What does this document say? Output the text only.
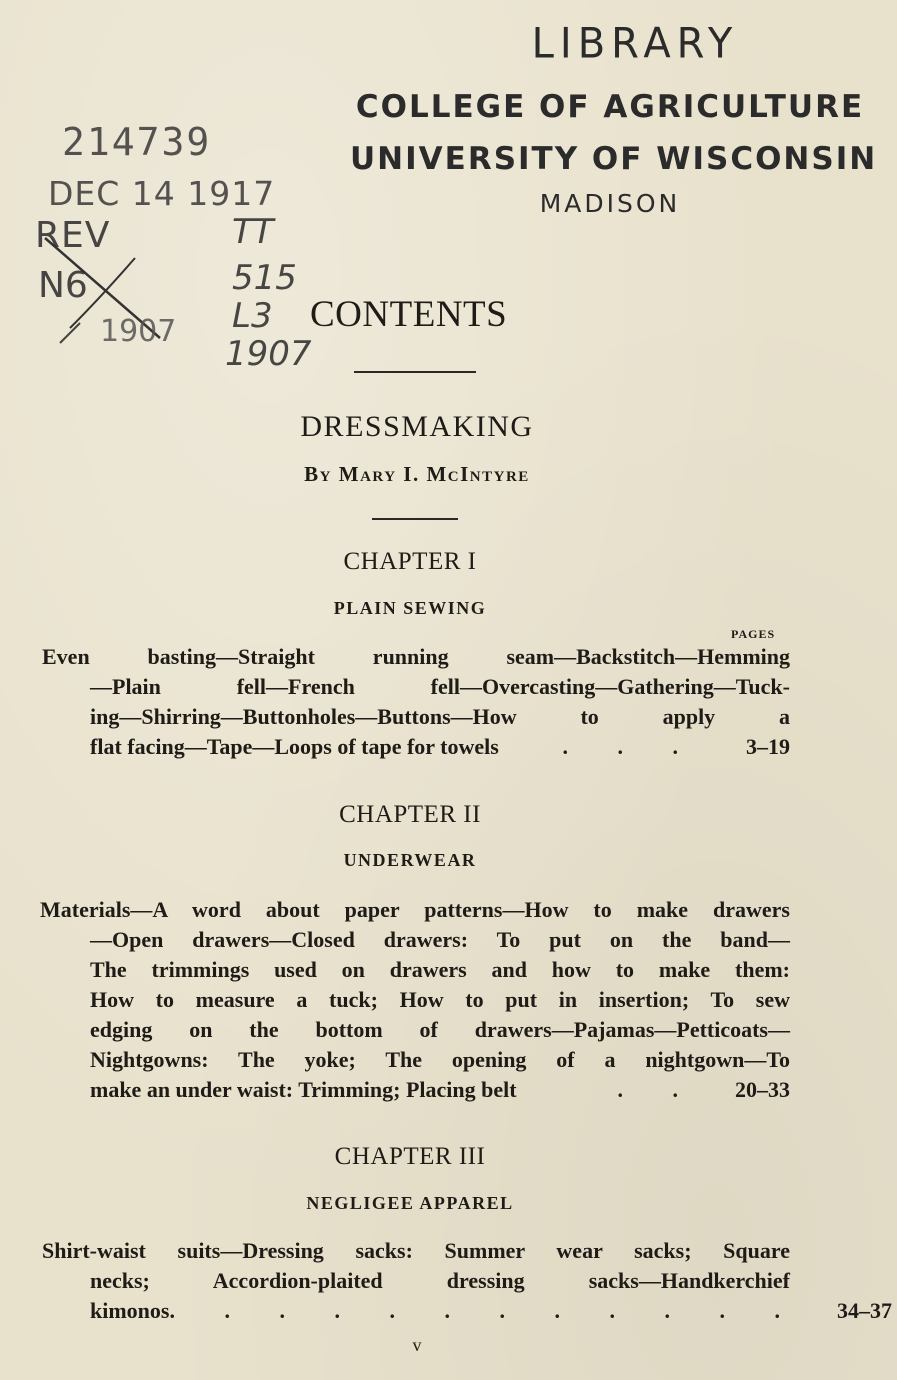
LIBRARY
COLLEGE OF AGRICULTURE
UNIVERSITY OF WISCONSIN
MADISON
214739
DEC 14 1917
REV
N6
1907
TT
515
L3
1907
CONTENTS
DRESSMAKING
By Mary I. McIntyre
CHAPTER I
PLAIN SEWING
PAGES
Even basting—Straight running seam—Backstitch—Hemming
—Plain fell—French fell—Overcasting—Gathering—Tuck-
ing—Shirring—Buttonholes—Buttons—How to apply a
flat facing—Tape—Loops of tape for towels	. . .	3–19
CHAPTER II
UNDERWEAR
Materials—A word about paper patterns—How to make drawers
—Open drawers—Closed drawers: To put on the band—
The trimmings used on drawers and how to make them:
How to measure a tuck; How to put in insertion; To sew
edging on the bottom of drawers—Pajamas—Petticoats—
Nightgowns: The yoke; The opening of a nightgown—To
make an under waist: Trimming; Placing belt	. .	20–33
CHAPTER III
NEGLIGEE APPAREL
Shirt-waist suits—Dressing sacks: Summer wear sacks; Square
necks; Accordion-plaited dressing sacks—Handkerchief
kimonos . . . . . . . . . . . .	34–37
v
